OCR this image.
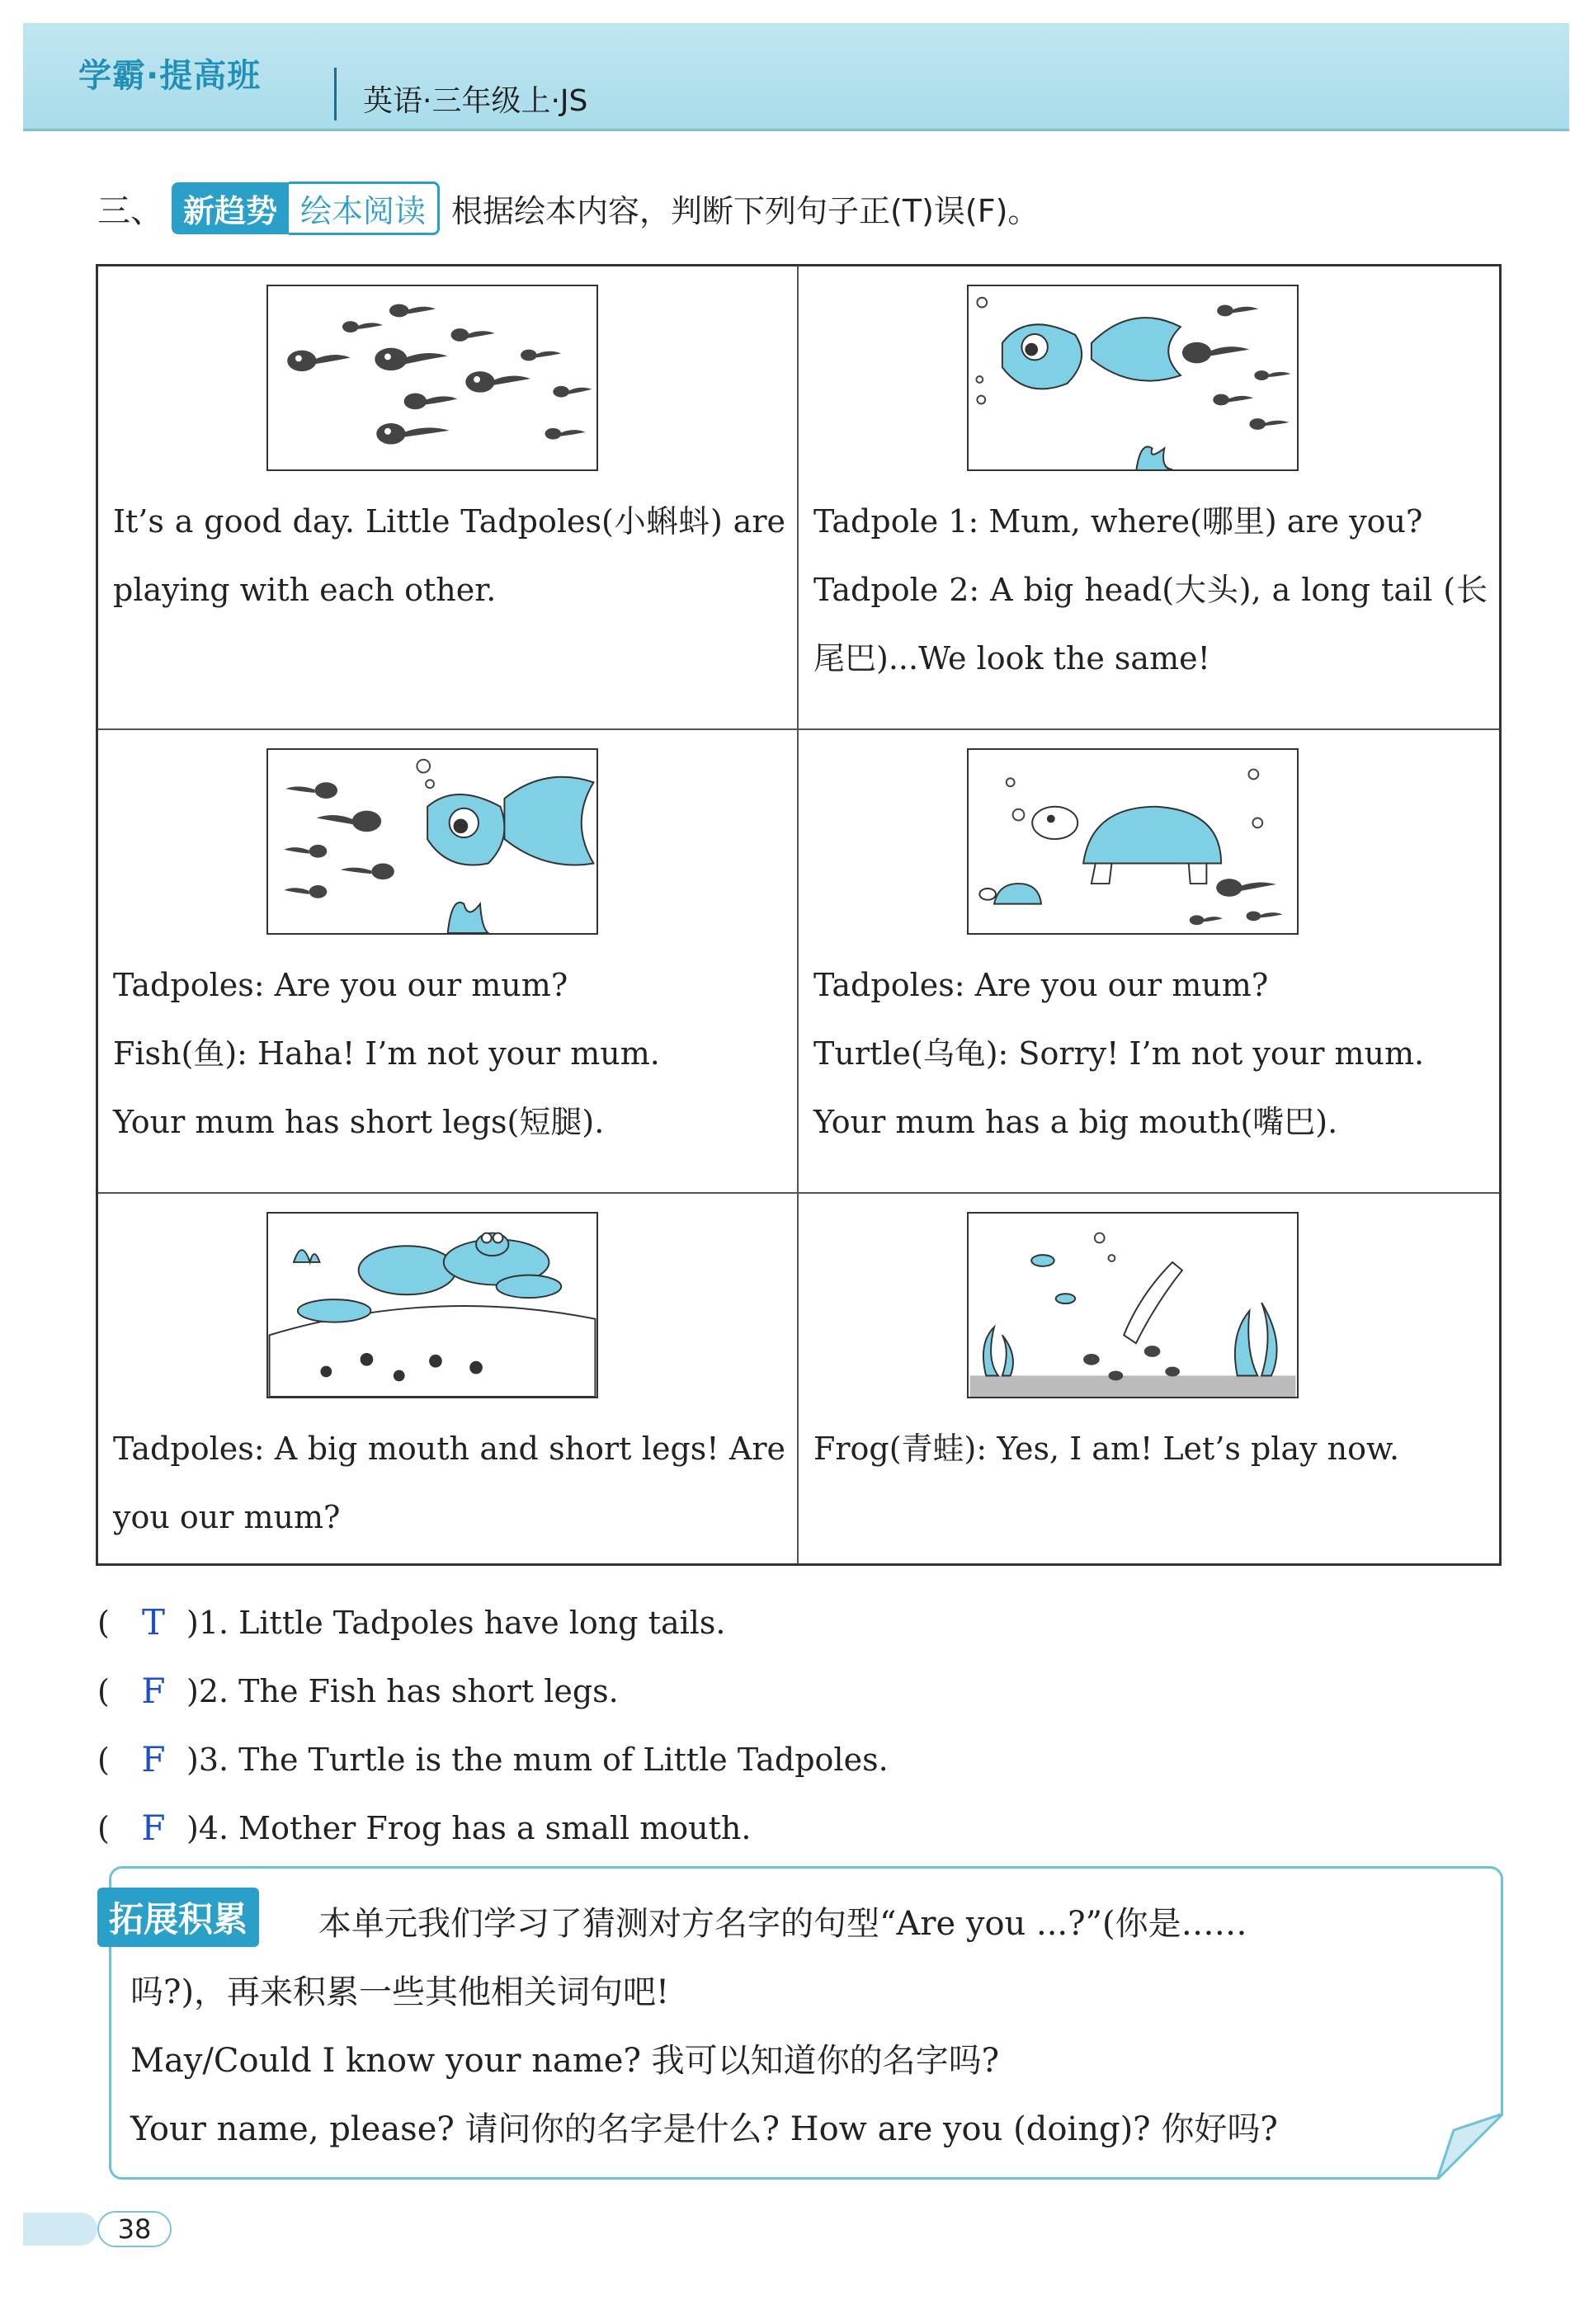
学霸·提高班
英语·三年级上·JS
三、 新趋势 绘本阅读 根据绘本内容，判断下列句子正(T)误(F)。

It’s a good day. Little Tadpoles(小蝌蚪) are playing with each other.

Tadpole 1: Mum, where(哪里) are you?

Tadpole 2: A big head(大头), a long tail (长尾巴)...We look the same!

Tadpoles: Are you our mum?

Fish(鱼): Haha! I’m not your mum.

Your mum has short legs(短腿).

Tadpoles: Are you our mum?

Turtle(乌龟): Sorry! I’m not your mum.

Your mum has a big mouth(嘴巴).

Tadpoles: A big mouth and short legs! Are you our mum?

Frog(青蛙): Yes, I am! Let’s play now.

( T )1. Little Tadpoles have long tails.
( F )2. The Fish has short legs.
( F )3. The Turtle is the mum of Little Tadpoles.
( F )4. Mother Frog has a small mouth.
拓展积累	本单元我们学习了猜测对方名字的句型“Are you ...?”(你是……
吗?)，再来积累一些其他相关词句吧!
May/Could I know your name? 我可以知道你的名字吗?
Your name, please? 请问你的名字是什么? How are you (doing)? 你好吗?
38
